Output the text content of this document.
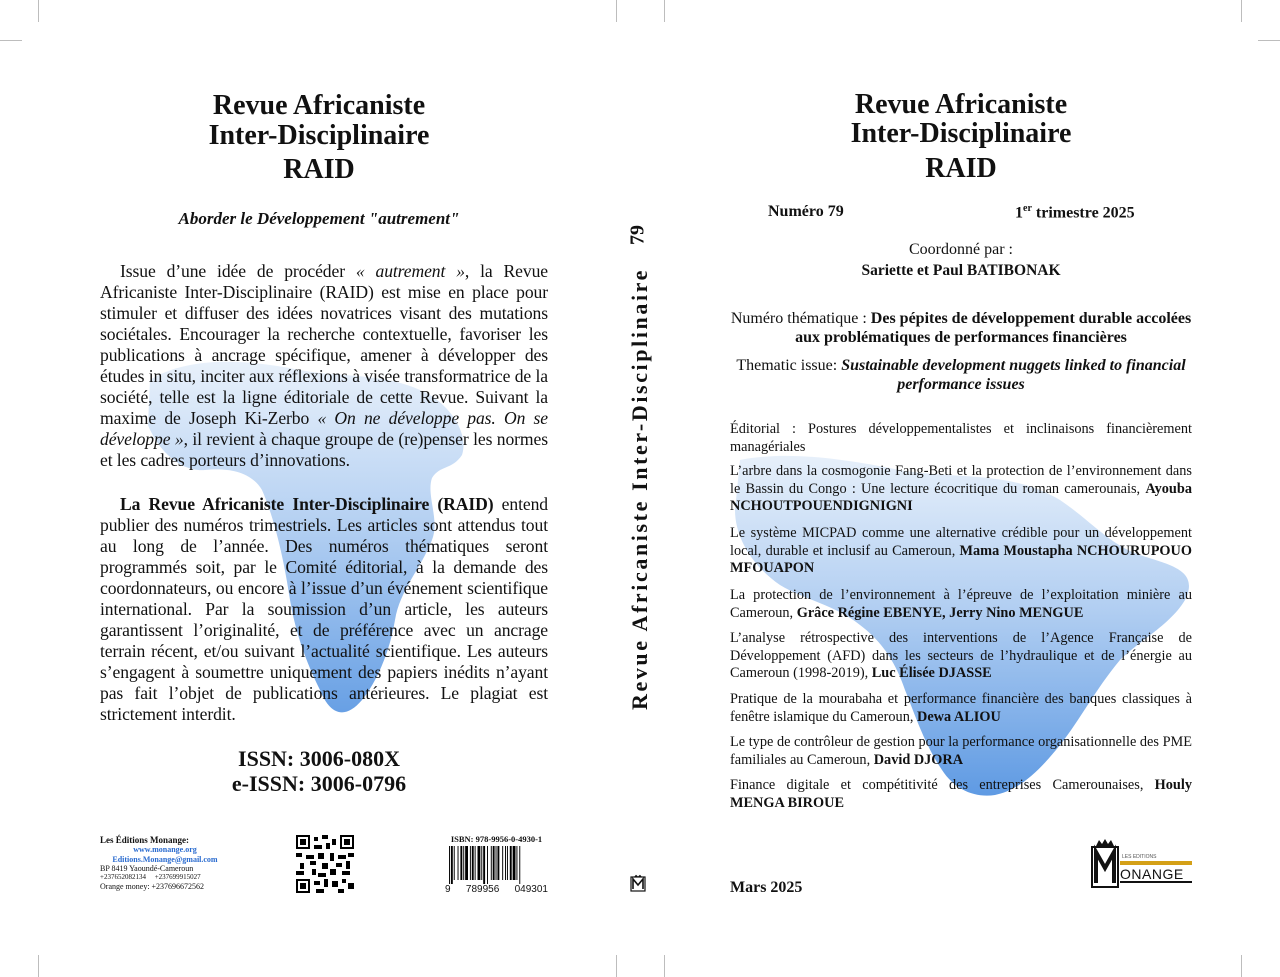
Revue Africaniste
Inter-Disciplinaire
RAID
Aborder le Développement "autrement"

Issue d’une idée de procéder « autrement », la Revue Africaniste Inter-Disciplinaire (RAID) est mise en place pour stimuler et diffuser des idées novatrices visant des mutations sociétales. Encourager la recherche contextuelle, favoriser les publications à ancrage spécifique, amener à développer des études in situ, inciter aux réflexions à visée transformatrice de la société, telle est la ligne éditoriale de cette Revue. Suivant la maxime de Joseph Ki-Zerbo « On ne développe pas. On se développe », il revient à chaque groupe de (re)penser les normes et les cadres porteurs d’innovations.

La Revue Africaniste Inter-Disciplinaire (RAID) entend publier des numéros trimestriels. Les articles sont attendus tout au long de l’année. Des numéros thématiques seront programmés soit, par le Comité éditorial, à la demande des coordonnateurs, ou encore à l’issue d’un événement scientifique international. Par la soumission d’un article, les auteurs garantissent l’originalité, et de préférence avec un ancrage terrain récent, et/ou suivant l’actualité scientifique. Les auteurs s’engagent à soumettre uniquement des papiers inédits n’ayant pas fait l’objet de publications antérieures. Le plagiat est strictement interdit.

ISSN: 3006-080X
e-ISSN: 3006-0796
Les Éditions Monange:
www.monange.org
Editions.Monange@gmail.com
BP 8419 Yaoundé-Cameroun
+237652082134     +237699915027
Orange money: +237696672562
ISBN: 978-9956-0-4930-1
9 789956 049301
79
Revue Africaniste Inter-Disciplinaire
Revue Africaniste
Inter-Disciplinaire
RAID
Numéro 79	1er trimestre 2025
Coordonné par :
Sariette et Paul BATIBONAK
Numéro thématique : Des pépites de développement durable accolées aux problématiques de performances financières
Thematic issue: Sustainable development nuggets linked to financial performance issues
Éditorial : Postures développementalistes et inclinaisons financièrement managériales
L’arbre dans la cosmogonie Fang-Beti et la protection de l’environnement dans le Bassin du Congo : Une lecture écocritique du roman camerounais, Ayouba NCHOUTPOUENDIGNIGNI
Le système MICPAD comme une alternative crédible pour un développement local, durable et inclusif au Cameroun, Mama Moustapha NCHOURUPOUO MFOUAPON
La protection de l’environnement à l’épreuve de l’exploitation minière au Cameroun, Grâce Régine EBENYE, Jerry Nino MENGUE
L’analyse rétrospective des interventions de l’Agence Française de Développement (AFD) dans les secteurs de l’hydraulique et de l’énergie au Cameroun (1998-2019), Luc Élisée DJASSE
Pratique de la mourabaha et performance financière des banques classiques à fenêtre islamique du Cameroun, Dewa ALIOU
Le type de contrôleur de gestion pour la performance organisationnelle des PME familiales au Cameroun, David DJORA
Finance digitale et compétitivité des entreprises Camerounaises, Houly MENGA BIROUE
Mars 2025
LES EDITIONS
ONANGE
